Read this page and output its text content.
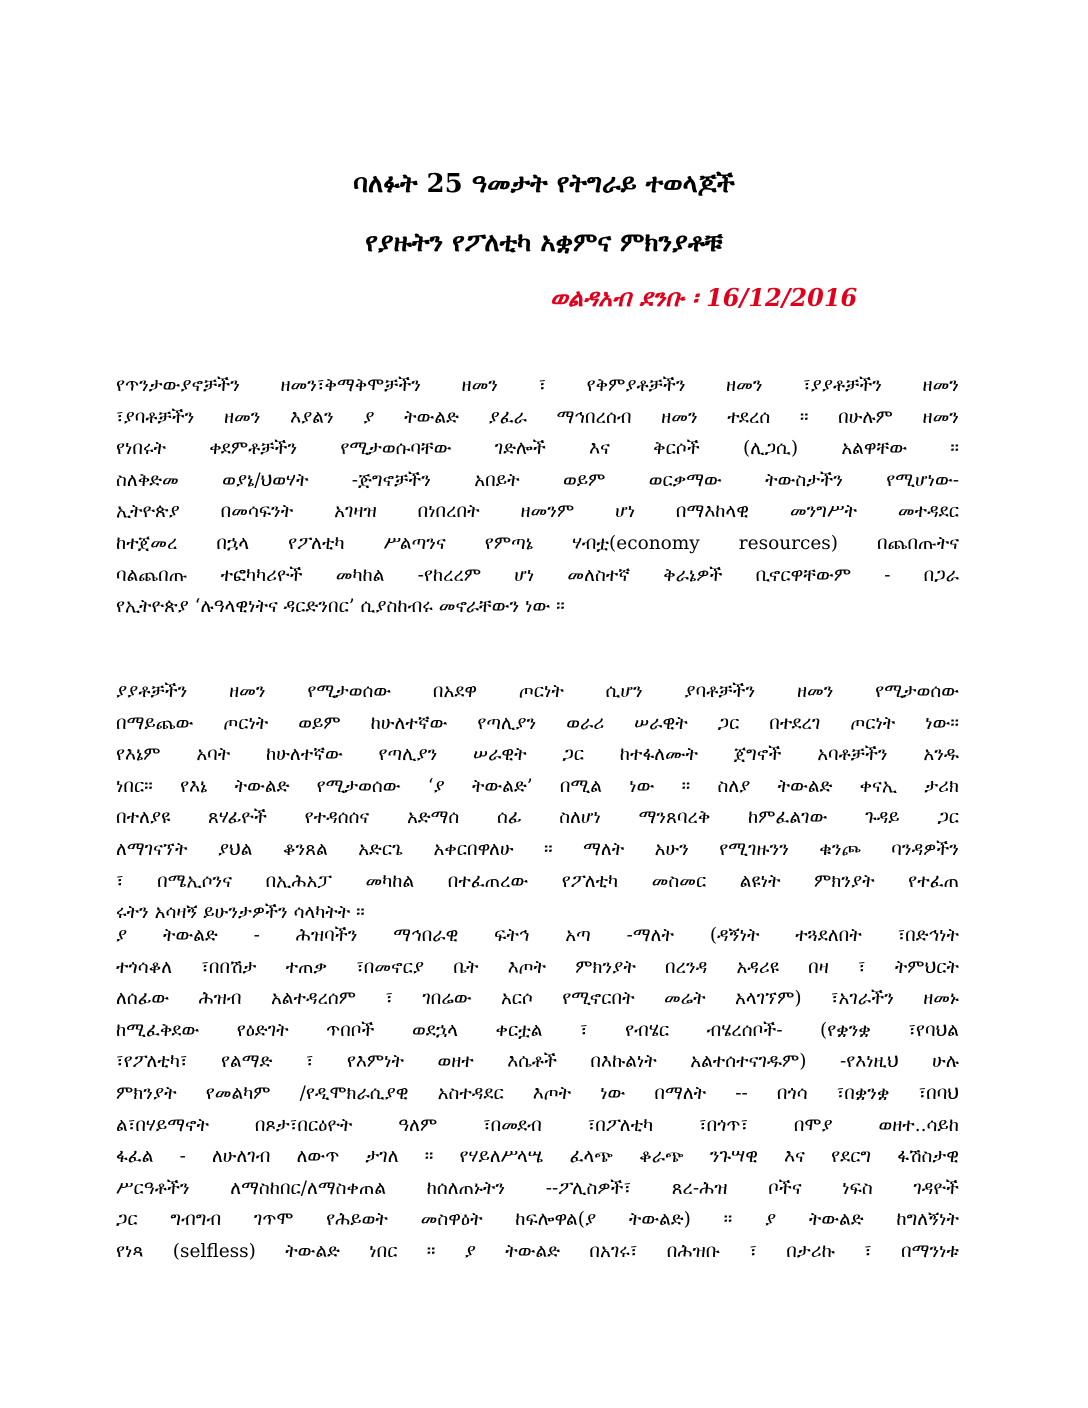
ባለፉት 25 ዓመታት የትግራይ ተወላጆች
የያዙትን የፖለቲካ አቋምና ምክንያቶቹ
ወልዳአብ ደንቡ ፡ 16/12/2016
የጥንታውያኖቻችን ዘመን፣ቅማቅሞቻችን ዘመን ፣ የቅምያቶቻችን ዘመን ፣ያያቶቻችን ዘመን
፣ያባቶቻችን ዘመን እያልን ያ ትውልድ ያፈራ ማኅበረሰብ ዘመን ተደረሰ ። በሁሉም ዘመን
የነበሩት ቀደምቶቻችን የሚታወሱባቸው ገድሎች እና ቅርሶች (ሊጋሲ) አልዋቸው ።
ስለቅድመ ወያኔ/ህወሃት -ጅግኖቻችን አበይት ወይም ወርቃማው ትውስታችን የሚሆነው-
ኢትዮጵያ በመሳፍንት አገዛዝ በነበረበት ዘመንም ሆነ በማእከላዊ መንግሥት መተዳደር
ከተጀመረ በኋላ የፖለቲካ ሥልጣንና የምጣኔ ሃብቷ(economy resources) በጨበጡትና
ባልጨበጡ ተፎካካሪዮች መካከል -የከረረም ሆነ መለስተኛ ቅራኔዎች ቢኖርዋቸውም - በጋራ
የኢትዮጵያ ‘ሉዓላዊነትና ዳርድንበር’ ሲያስከብሩ መኖራቸውን ነው ።
ያያቶቻችን ዘመን የሚታወሰው በአደዋ ጦርነት ሲሆን ያባቶቻችን ዘመን የሚታወሰው
በማይጨው ጦርነት ወይም ከሁለተኛው የጣሊያን ወራሪ ሠራዊት ጋር በተደረገ ጦርነት ነው።
የእኔም አባት ከሁለተኛው የጣሊያን ሠራዊት ጋር ከተፋለሙት ጀግኖች አባቶቻችን አንዱ
ነበር። የእኔ ትውልድ የሚታወሰው ‘ያ ትውልድ’ በሚል ነው ። ስለያ ትውልድ ቀናኢ ታሪክ
በተለያዩ ጸሃፊዮች የተዳሰሰና አድማሰ ሰፊ ስለሆነ ማንጸባረቅ ከምፈልገው ጉዳይ ጋር
ለማገናኘት ያህል ቆንጸል አድርጌ አቀርበዋለሁ ። ማለት አሁን የሚገዙንን ቁንጮ ባንዳዎችን
፣ በሜኢሶንና በኢሕአፓ መካከል በተፈጠረው የፖለቲካ መስመር ልዩነት ምክንያት የተፈጠ
ሩትን አሳዛኝ ይሁንታዎችን ሳላካትት ።
ያ ትውልድ - ሕዝባችን ማኅበራዊ ፍትኅ አጣ -ማለት (ዳኝነት ተጓደለበት ፣በድኅነት
ተጎሳቆለ ፣በበሽታ ተጠቃ ፣በመኖርያ ቤት እጦት ምክንያት በረንዳ አዳሪዩ በዛ ፣ ትምህርት
ለሰፊው ሕዝብ አልተዳረሰም ፣ ገበሬው አርሶ የሚኖርበት መሬት አላገኘም) ፣አገራችን ዘመኑ
ከሚፈቅደው የዕድገት ጥበቦች ወደኋላ ቀርቷል ፣ የብሄር ብሄረሰቦች- (የቋንቋ ፣የባህል
፣የፖለቲካ፣ የልማድ ፣ የእምነት ወዘተ እሴቶች በእኩልነት አልተሰተናገዱም) -የእነዚህ ሁሉ
ምክንያት የመልካም /የዲሞክራሲያዊ አስተዳደር እጦት ነው በማለት -- በጎሳ ፣በቋንቋ ፣በባህ
ል፣በሃይማኖት በጾታ፣በርዕዮት ዓለም ፣በመደብ ፣በፖለቲካ ፣በጎጥ፣ በሞያ ወዘተ..ሳይከ
ፋፈል - ለሁለገብ ለውጥ ታገለ ። የሃይለሥላሤ ፈላጭ ቆራጭ ንጉሣዊ እና የደርግ ፋሽስታዊ
ሥርዓቶችን ለማስከበር/ለማስቀጠል ከሰለጠኑትን --ፖሊስዎች፣ ጸረ-ሕዝ ቦችና ነፍስ ገዳዮች
ጋር ግብግብ ገጥሞ የሕይወት መስዋዕት ከፍሎዋል(ያ ትውልድ) ። ያ ትውልድ ከግለኝነት
የነጻ (selfless) ትውልድ ነበር ። ያ ትውልድ በአገሩ፣ በሕዝቡ ፣ በታሪኩ ፣ በማንነቱ
